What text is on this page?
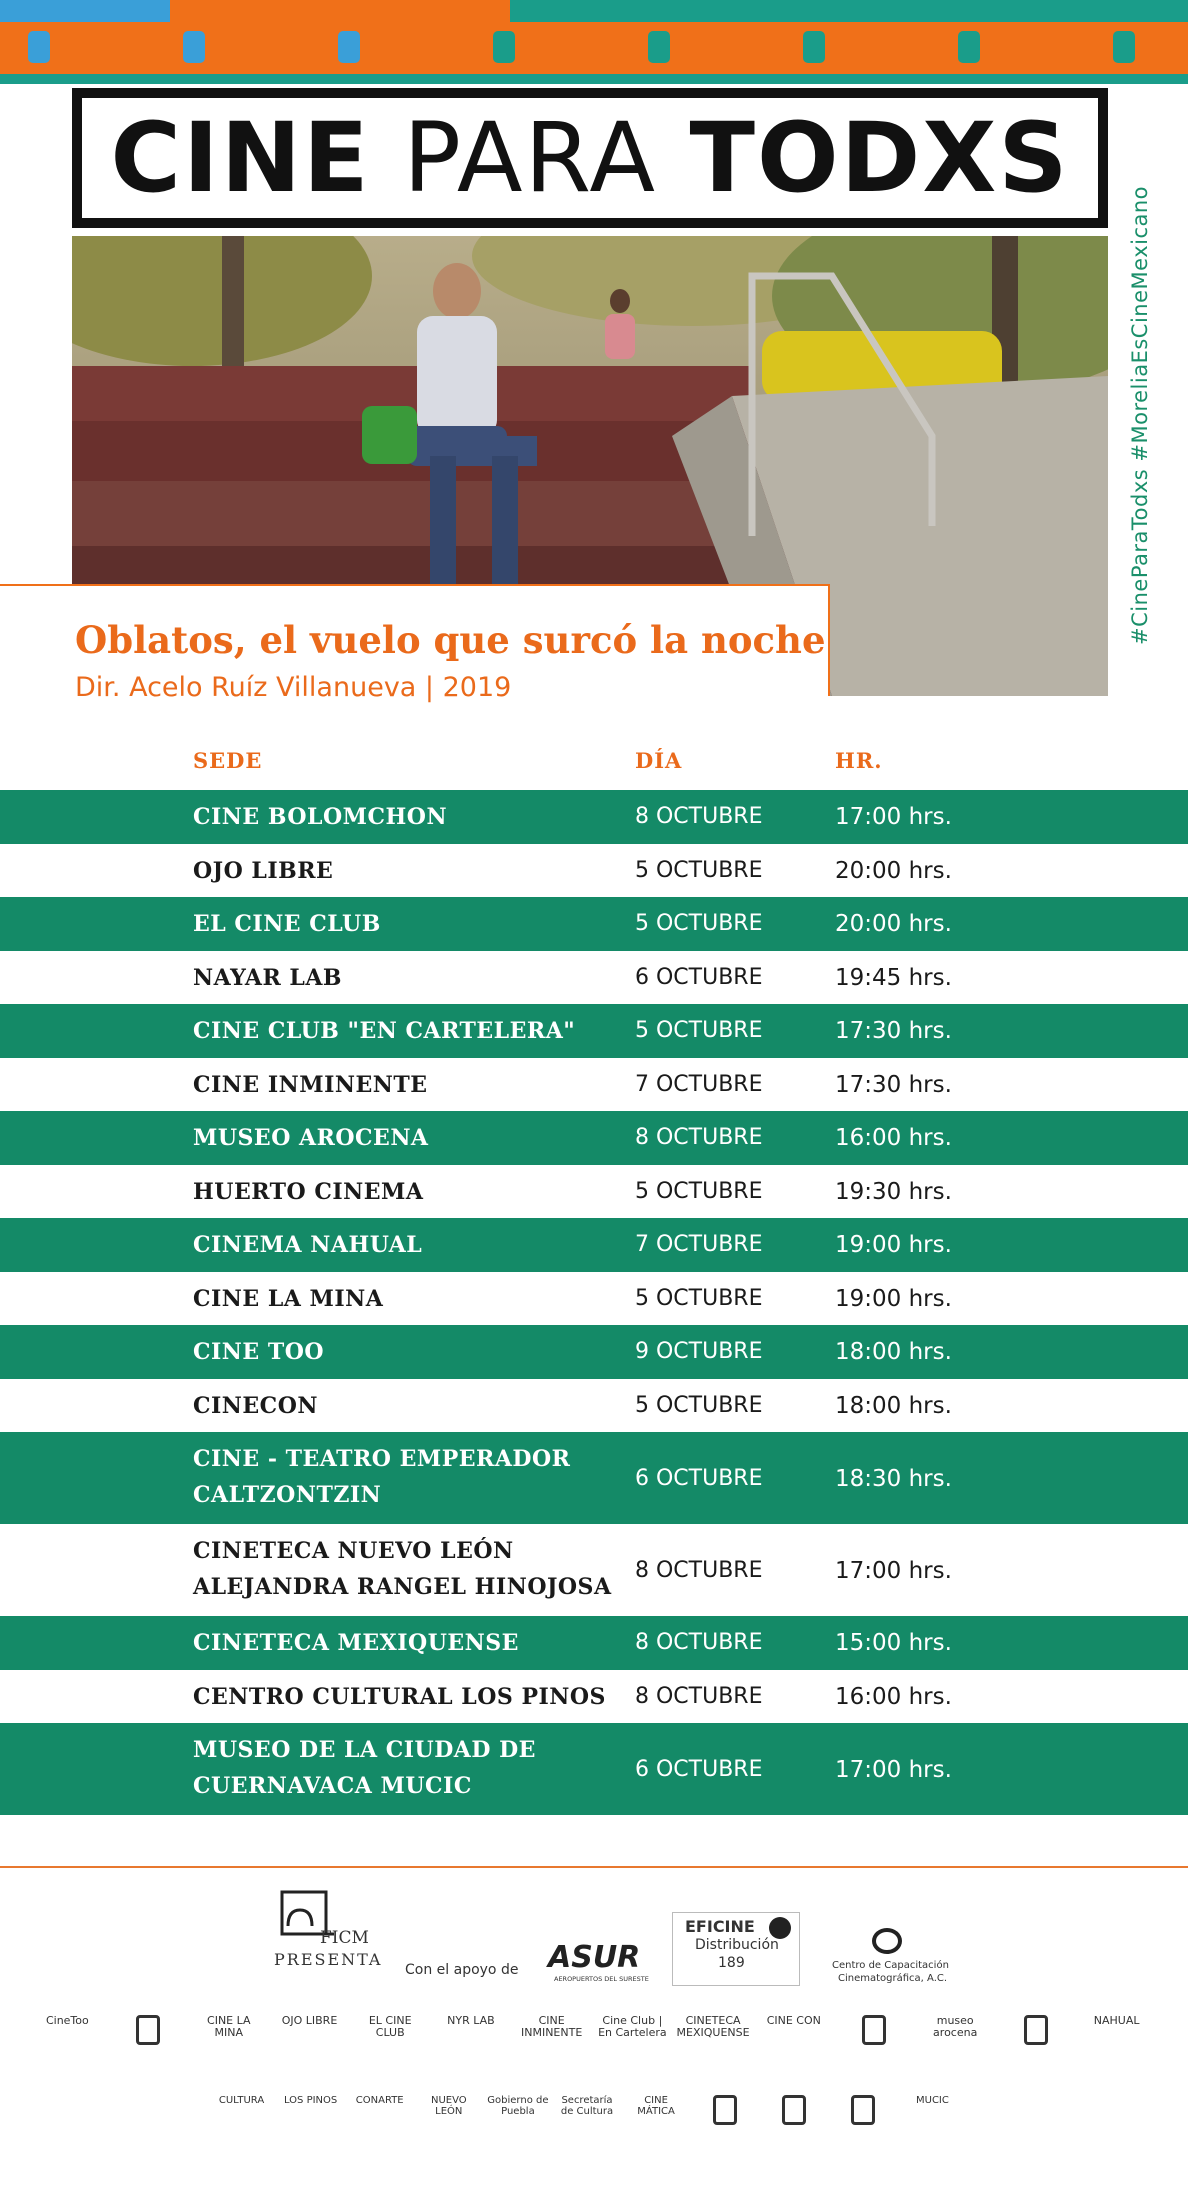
CINE PARA TODXS
#CineParaTodxs #MoreliaEsCineMexicano
Oblatos, el vuelo que surcó la noche
Dir. Acelo Ruíz Villanueva | 2019
SEDE	DÍA	HR.
CINE BOLOMCHON	8 OCTUBRE	17:00 hrs.
OJO LIBRE	5 OCTUBRE	20:00 hrs.
EL CINE CLUB	5 OCTUBRE	20:00 hrs.
NAYAR LAB	6 OCTUBRE	19:45 hrs.
CINE CLUB "EN CARTELERA"	5 OCTUBRE	17:30 hrs.
CINE INMINENTE	7 OCTUBRE	17:30 hrs.
MUSEO AROCENA	8 OCTUBRE	16:00 hrs.
HUERTO CINEMA	5 OCTUBRE	19:30 hrs.
CINEMA NAHUAL	7 OCTUBRE	19:00 hrs.
CINE LA MINA	5 OCTUBRE	19:00 hrs.
CINE TOO	9 OCTUBRE	18:00 hrs.
CINECON	5 OCTUBRE	18:00 hrs.
CINE - TEATRO EMPERADOR
CALTZONTZIN
6 OCTUBRE	18:30 hrs.
CINETECA NUEVO LEÓN
ALEJANDRA RANGEL HINOJOSA
8 OCTUBRE	17:00 hrs.
CINETECA MEXIQUENSE	8 OCTUBRE	15:00 hrs.
CENTRO CULTURAL LOS PINOS 8 OCTUBRE	16:00 hrs.
MUSEO DE LA CIUDAD DE
CUERNAVACA MUCIC
6 OCTUBRE	17:00 hrs.
FICM
PRESENTA
Con el apoyo de ASUR
AEROPUERTOS DEL SURESTE
EFICINE
Distribución
189	Centro de Capacitación
Cinematográfica, A.C.
CineToo	CINE LA MINA
OJO LIBRE	EL CINE CLUB
NYR LAB	CINE INMINENTE
Cine Club | En Cartelera
CINETECA MEXIQUENSE
CINE CON	museo arocena
NAHUAL
CULTURA	LOS PINOS	CONARTE	NUEVO LEÓN
Gobierno de Puebla
Secretaría de Cultura
CINE MÁTICA
MUCIC
